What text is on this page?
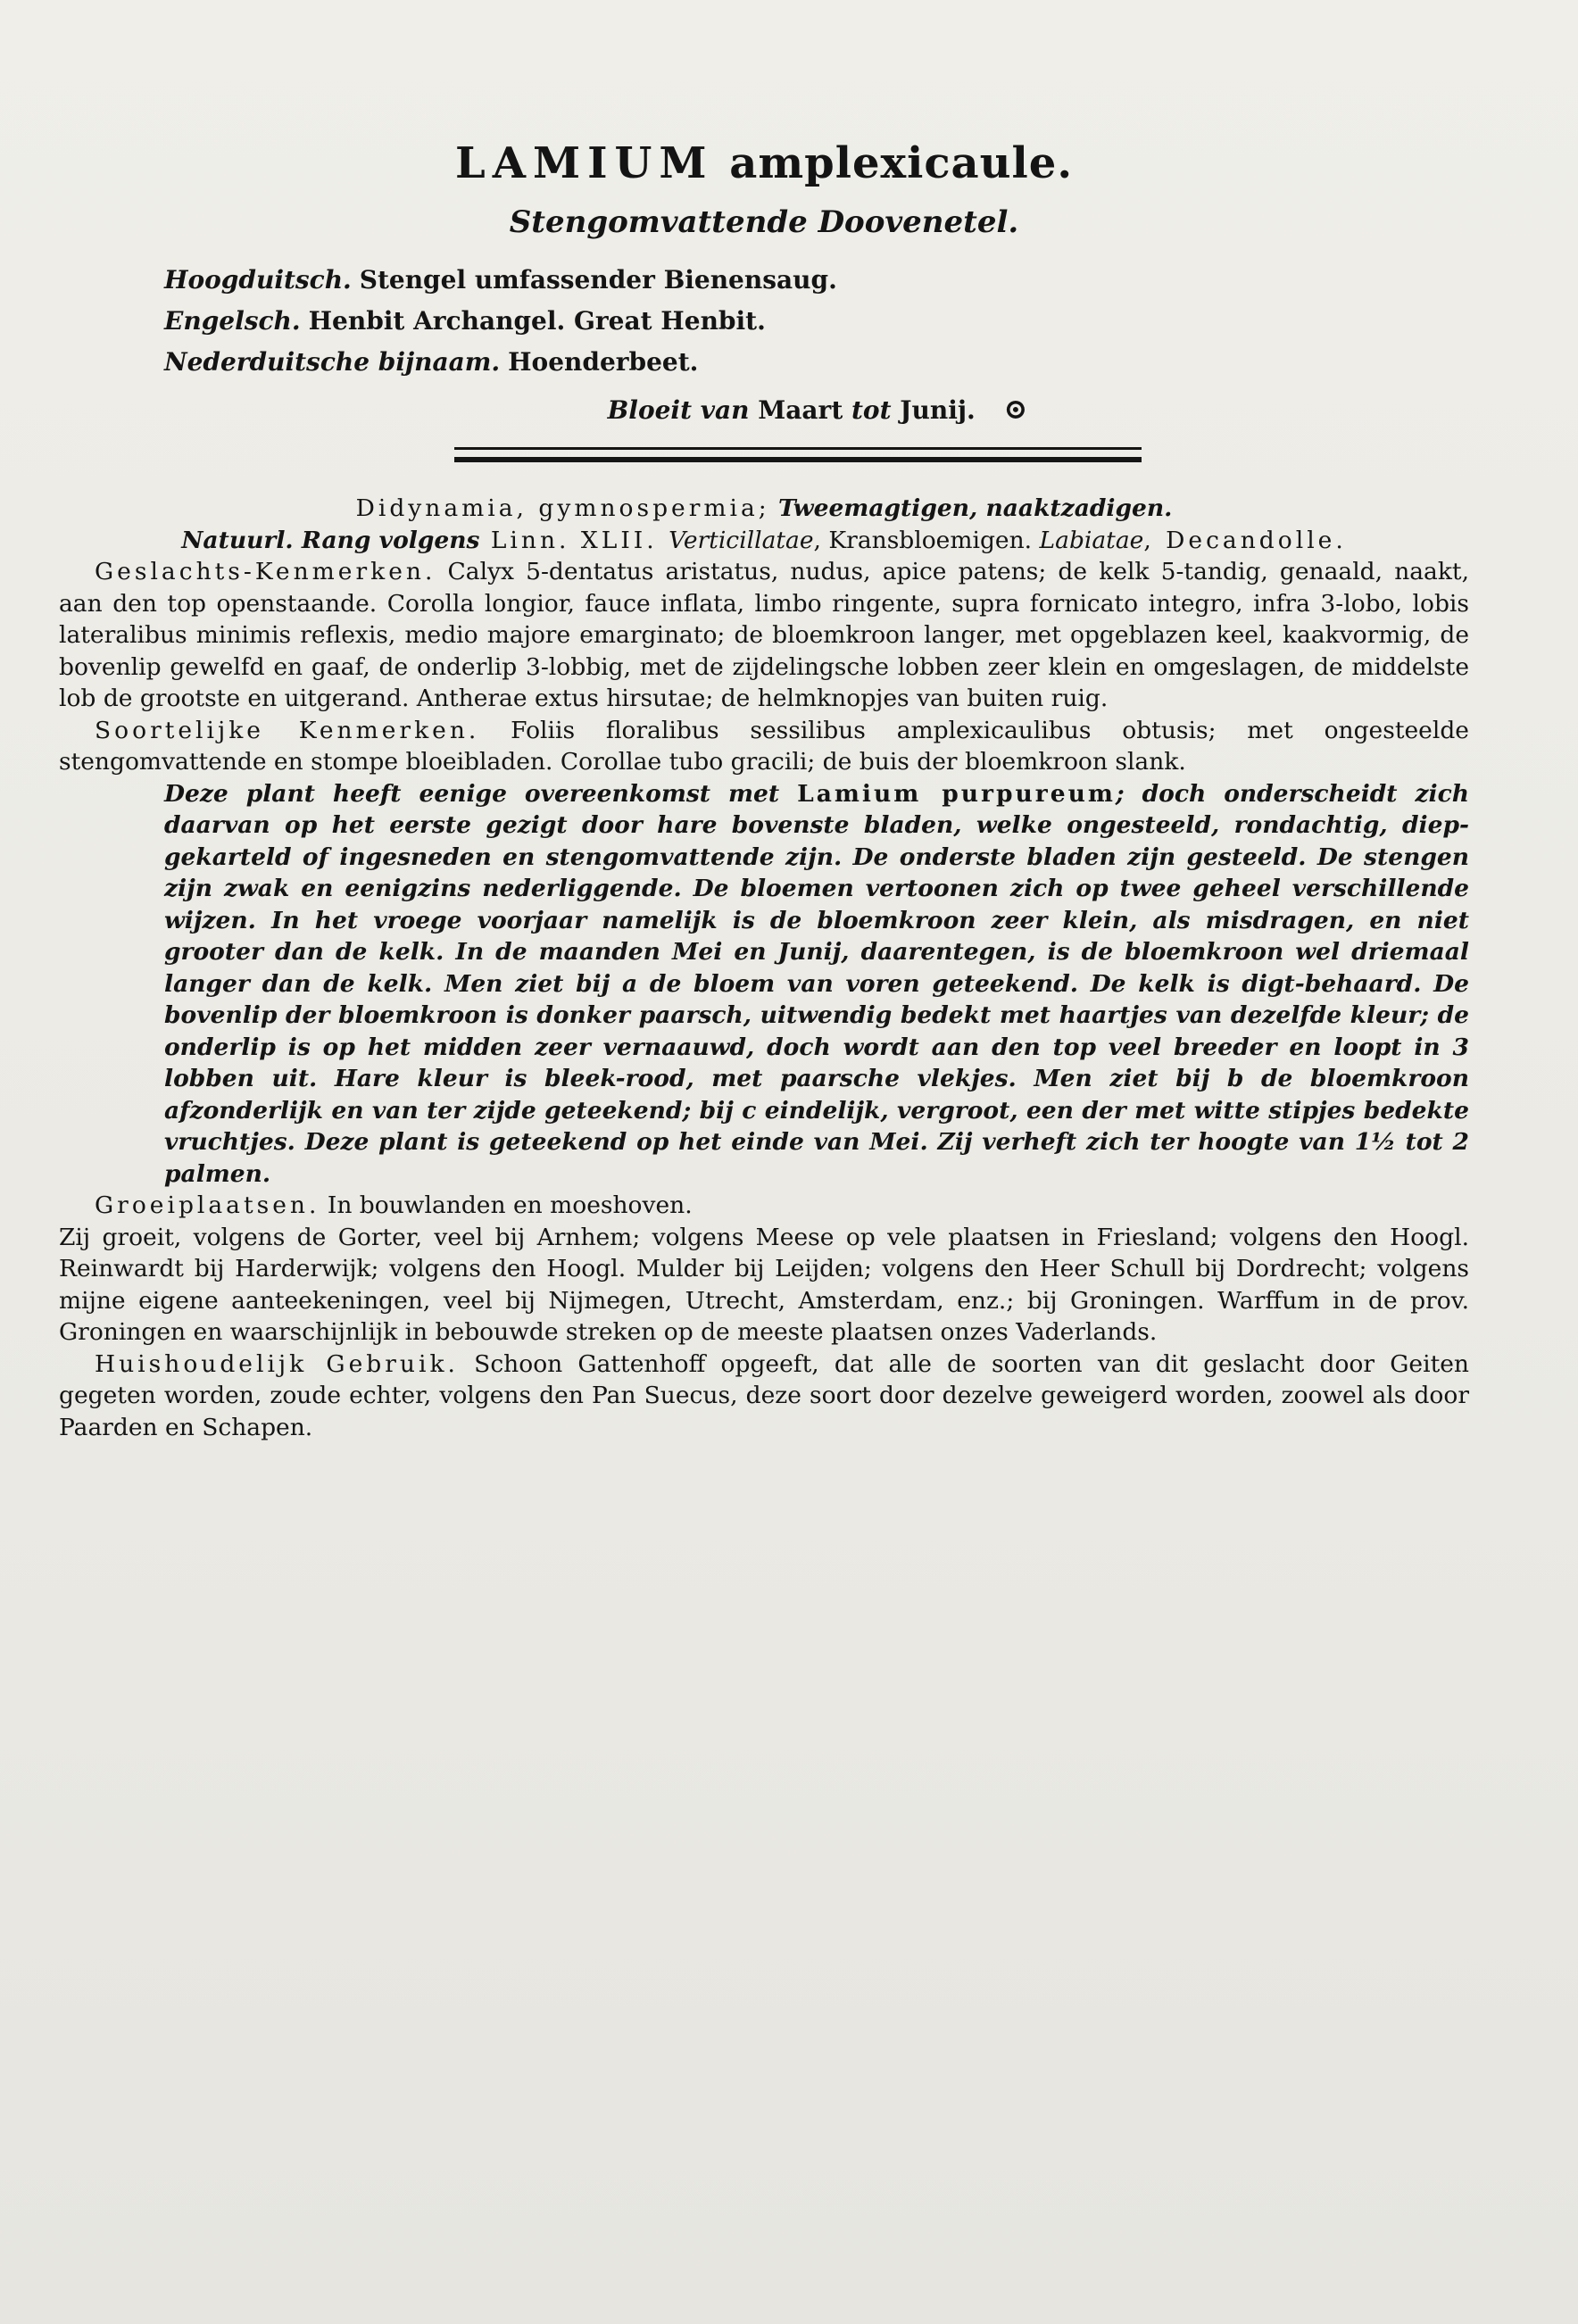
LAMIUM amplexicaule.
Stengomvattende Doovenetel.
Hoogduitsch. Stengel umfassender Bienensaug.
Engelsch. Henbit Archangel. Great Henbit.
Nederduitsche bijnaam. Hoenderbeet.
Bloeit van Maart tot Junij. ⊙

Didynamia, gymnospermia; Tweemagtigen, naaktzadigen.

Natuurl. Rang volgens Linn. XLII. Verticillatae, Kransbloemigen. Labiatae, Decandolle.

Geslachts-Kenmerken. Calyx 5-dentatus aristatus, nudus, apice patens; de kelk 5-tandig, genaald, naakt, aan den top openstaande. Corolla longior, fauce inflata, limbo ringente, supra fornicato integro, infra 3-lobo, lobis lateralibus minimis reflexis, medio majore emarginato; de bloemkroon langer, met opgeblazen keel, kaakvormig, de bovenlip gewelfd en gaaf, de onderlip 3-lobbig, met de zijdelingsche lobben zeer klein en omgeslagen, de middelste lob de grootste en uitgerand. Antherae extus hirsutae; de helmknopjes van buiten ruig.

Soortelijke Kenmerken. Foliis floralibus sessilibus amplexicaulibus obtusis; met ongesteelde stengomvattende en stompe bloeibladen. Corollae tubo gracili; de buis der bloemkroon slank.

Deze plant heeft eenige overeenkomst met Lamium purpureum; doch onderscheidt zich daarvan op het eerste gezigt door hare bovenste bladen, welke ongesteeld, rondachtig, diep-gekarteld of ingesneden en stengomvattende zijn. De onderste bladen zijn gesteeld. De stengen zijn zwak en eenigzins nederliggende. De bloemen vertoonen zich op twee geheel verschillende wijzen. In het vroege voorjaar namelijk is de bloemkroon zeer klein, als misdragen, en niet grooter dan de kelk. In de maanden Mei en Junij, daarentegen, is de bloemkroon wel driemaal langer dan de kelk. Men ziet bij a de bloem van voren geteekend. De kelk is digt-behaard. De bovenlip der bloemkroon is donker paarsch, uitwendig bedekt met haartjes van dezelfde kleur; de onderlip is op het midden zeer vernaauwd, doch wordt aan den top veel breeder en loopt in 3 lobben uit. Hare kleur is bleek-rood, met paarsche vlekjes. Men ziet bij b de bloemkroon afzonderlijk en van ter zijde geteekend; bij c eindelijk, vergroot, een der met witte stipjes bedekte vruchtjes. Deze plant is geteekend op het einde van Mei. Zij verheft zich ter hoogte van 1½ tot 2 palmen.

Groeiplaatsen. In bouwlanden en moeshoven.

Zij groeit, volgens de Gorter, veel bij Arnhem; volgens Meese op vele plaatsen in Friesland; volgens den Hoogl. Reinwardt bij Harderwijk; volgens den Hoogl. Mulder bij Leijden; volgens den Heer Schull bij Dordrecht; volgens mijne eigene aanteekeningen, veel bij Nijmegen, Utrecht, Amsterdam, enz.; bij Groningen. Warffum in de prov. Groningen en waarschijnlijk in bebouwde streken op de meeste plaatsen onzes Vaderlands.

Huishoudelijk Gebruik. Schoon Gattenhoff opgeeft, dat alle de soorten van dit geslacht door Geiten gegeten worden, zoude echter, volgens den Pan Suecus, deze soort door dezelve geweigerd worden, zoowel als door Paarden en Schapen.
